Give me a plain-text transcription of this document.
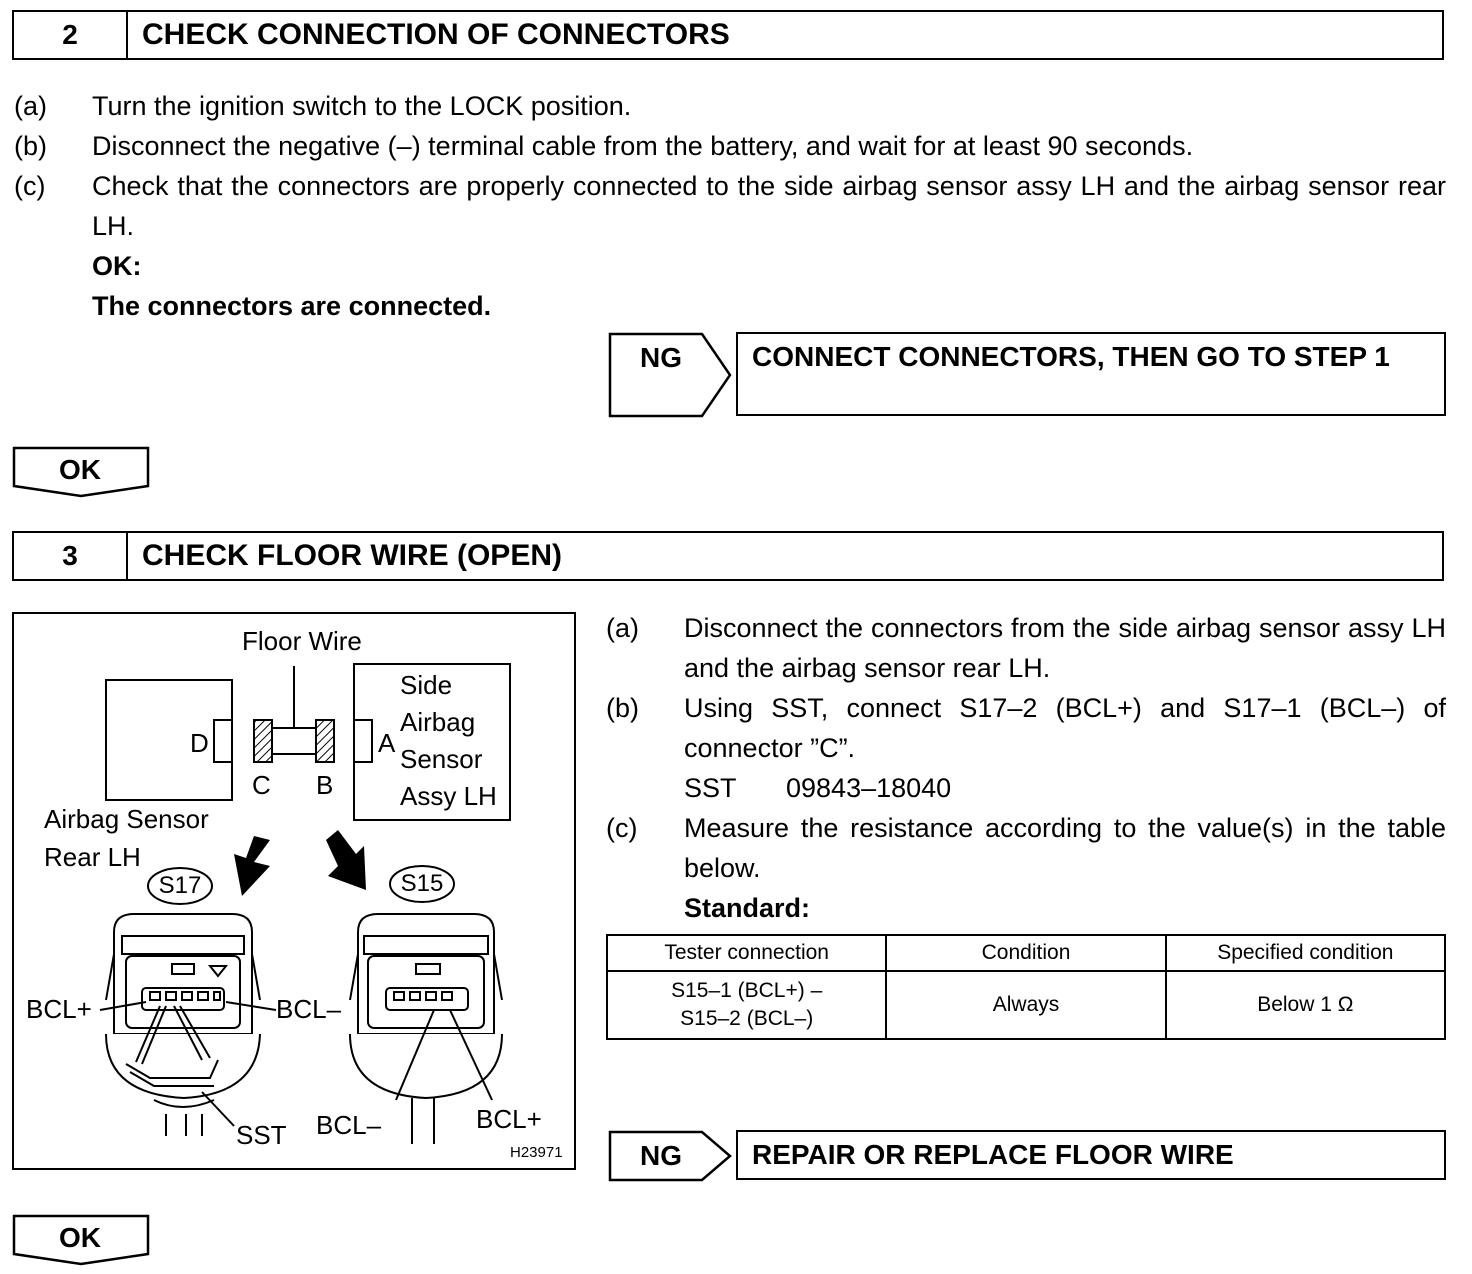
2	CHECK CONNECTION OF CONNECTORS
(a) Turn the ignition switch to the LOCK position.
(b) Disconnect the negative (–) terminal cable from the battery, and wait for at least 90 seconds.
(c) Check that the connectors are properly connected to the side airbag sensor assy LH and the airbag sensor rear LH.
OK:
The connectors are connected.
NG	CONNECT CONNECTORS, THEN GO TO STEP 1
OK
3	CHECK FLOOR WIRE (OPEN)
Floor Wire
Side
Airbag
Sensor
Assy LH
D	A
C B
Airbag Sensor
Rear LH
S17	S15
BCL+	BCL–
SST BCL–	BCL+
H23971
(a) Disconnect the connectors from the side airbag sensor assy LH and the airbag sensor rear LH.
(b) Using SST, connect S17–2 (BCL+) and S17–1 (BCL–) of connector ”C”.
SST 09843–18040
(c) Measure the resistance according to the value(s) in the table below.
Standard:
Tester connection	Condition	Specified condition

S15–1 (BCL+) –
S15–2 (BCL–)	Always	Below 1 Ω
NG	REPAIR OR REPLACE FLOOR WIRE
OK
